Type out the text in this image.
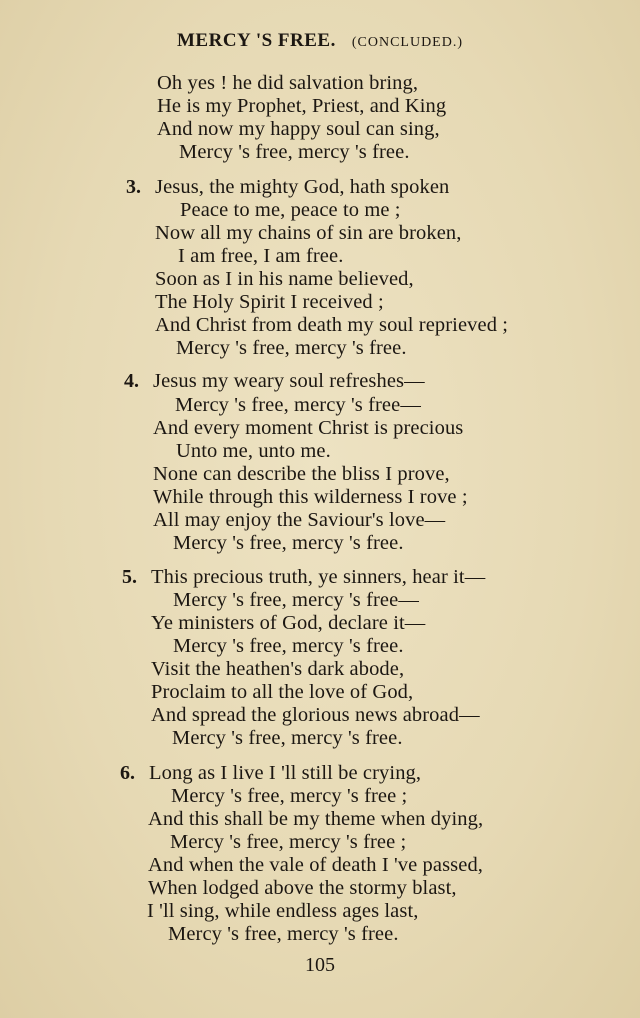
MERCY 'S FREE. (CONCLUDED.)
Oh yes ! he did salvation bring,
He is my Prophet, Priest, and King
And now my happy soul can sing,
Mercy 's free, mercy 's free.
3. Jesus, the mighty God, hath spoken
Peace to me, peace to me ;
Now all my chains of sin are broken,
I am free, I am free.
Soon as I in his name believed,
The Holy Spirit I received ;
And Christ from death my soul reprieved ;
Mercy 's free, mercy 's free.
4. Jesus my weary soul refreshes—
Mercy 's free, mercy 's free—
And every moment Christ is precious
Unto me, unto me.
None can describe the bliss I prove,
While through this wilderness I rove ;
All may enjoy the Saviour's love—
Mercy 's free, mercy 's free.
5. This precious truth, ye sinners, hear it—
Mercy 's free, mercy 's free—
Ye ministers of God, declare it—
Mercy 's free, mercy 's free.
Visit the heathen's dark abode,
Proclaim to all the love of God,
And spread the glorious news abroad—
Mercy 's free, mercy 's free.
6. Long as I live I 'll still be crying,
Mercy 's free, mercy 's free ;
And this shall be my theme when dying,
Mercy 's free, mercy 's free ;
And when the vale of death I 've passed,
When lodged above the stormy blast,
I 'll sing, while endless ages last,
Mercy 's free, mercy 's free.
105
